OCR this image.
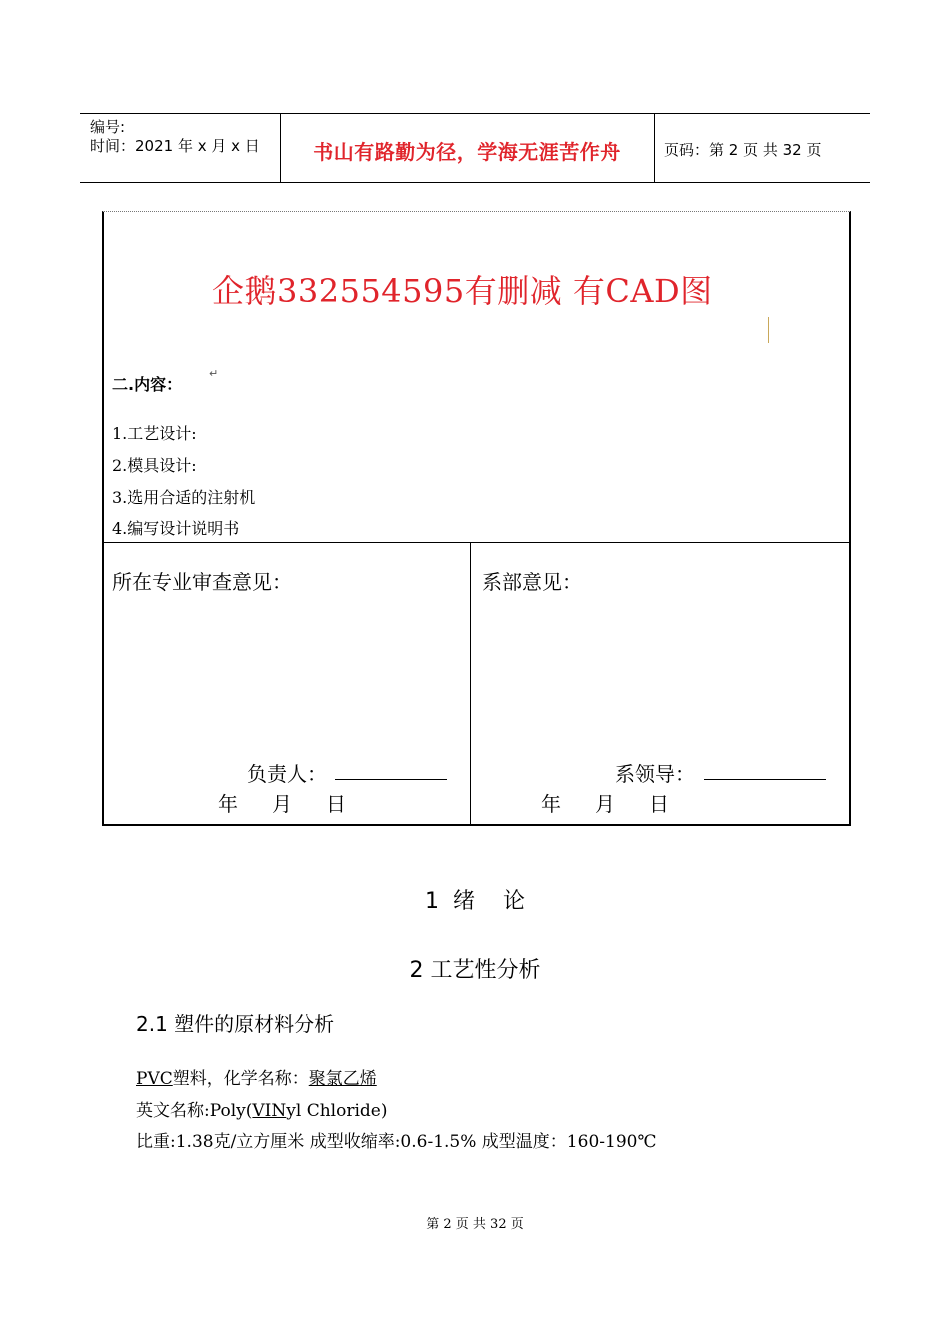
编号:
时间：2021 年 x 月 x 日	书山有路勤为径，学海无涯苦作舟	页码：第 2 页 共 32 页
企鹅332554595有删减 有CAD图
二.内容：
↵
1.工艺设计:
2.模具设计:
3.选用合适的注射机
4.编写设计说明书
所在专业审查意见：	系部意见：
负责人：	系领导：
年 月 日	年 月 日
1  绪    论
2 工艺性分析
2.1 塑件的原材料分析
PVC塑料，化学名称：聚氯乙烯
英文名称:Poly(VINyl Chloride)
比重:1.38克/立方厘米 成型收缩率:0.6-1.5% 成型温度：160-190℃
第 2 页 共 32 页
